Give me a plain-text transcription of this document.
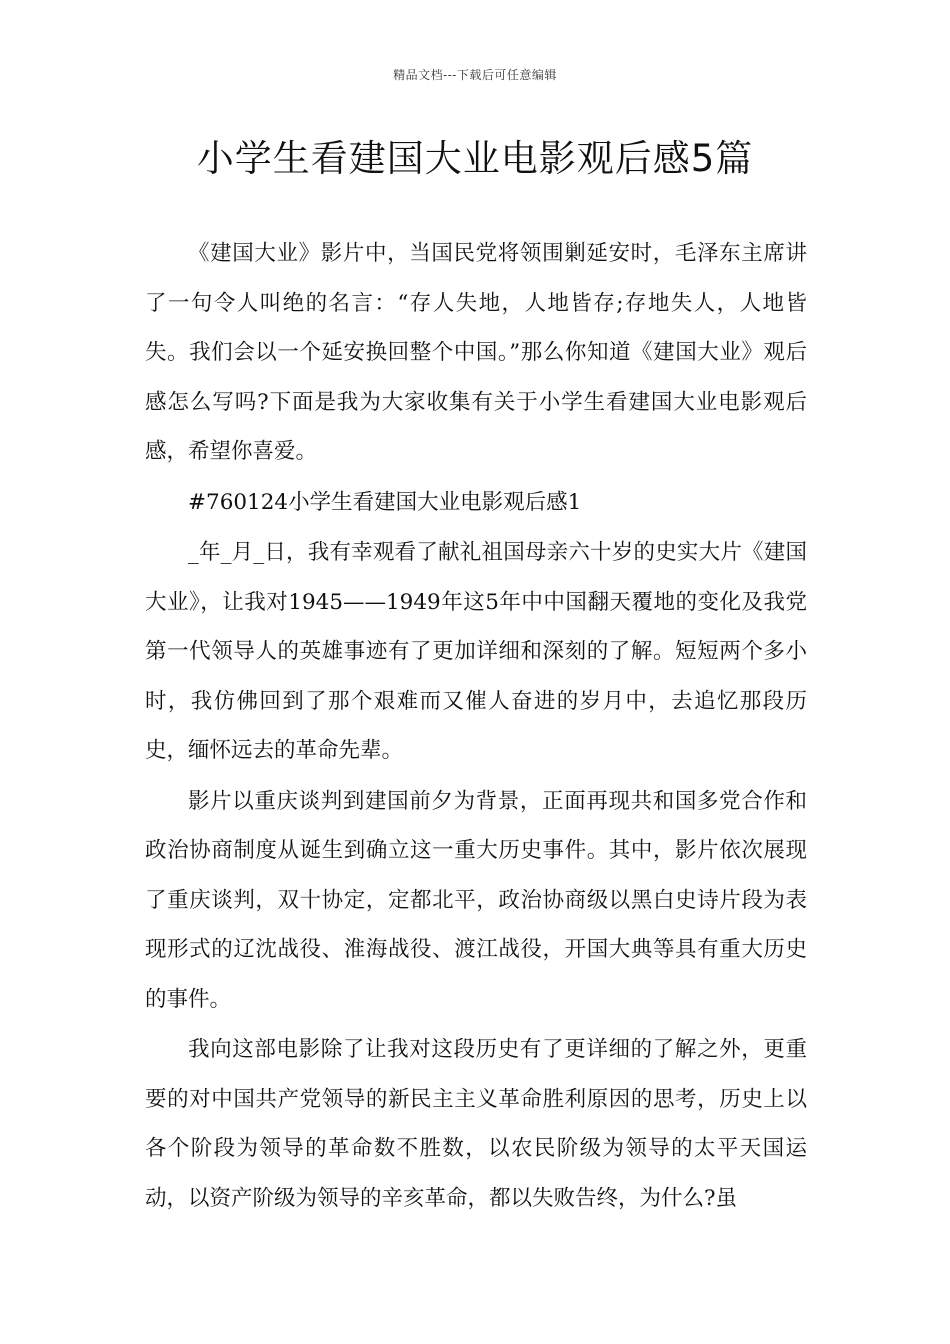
精品文档---下载后可任意编辑
小学生看建国大业电影观后感5篇

《建国大业》影片中，当国民党将领围剿延安时，毛泽东主席讲了一句令人叫绝的名言：“存人失地，人地皆存;存地失人，人地皆失。我们会以一个延安换回整个中国。”那么你知道《建国大业》观后感怎么写吗?下面是我为大家收集有关于小学生看建国大业电影观后感，希望你喜爱。

#760124小学生看建国大业电影观后感1

_年_月_日，我有幸观看了献礼祖国母亲六十岁的史实大片《建国大业》，让我对1945——1949年这5年中中国翻天覆地的变化及我党第一代领导人的英雄事迹有了更加详细和深刻的了解。短短两个多小时，我仿佛回到了那个艰难而又催人奋进的岁月中，去追忆那段历史，缅怀远去的革命先辈。

影片以重庆谈判到建国前夕为背景，正面再现共和国多党合作和政治协商制度从诞生到确立这一重大历史事件。其中，影片依次展现了重庆谈判，双十协定，定都北平，政治协商级以黑白史诗片段为表现形式的辽沈战役、淮海战役、渡江战役，开国大典等具有重大历史的事件。

我向这部电影除了让我对这段历史有了更详细的了解之外，更重要的对中国共产党领导的新民主主义革命胜利原因的思考，历史上以各个阶段为领导的革命数不胜数，以农民阶级为领导的太平天国运动，以资产阶级为领导的辛亥革命，都以失败告终，为什么?虽
